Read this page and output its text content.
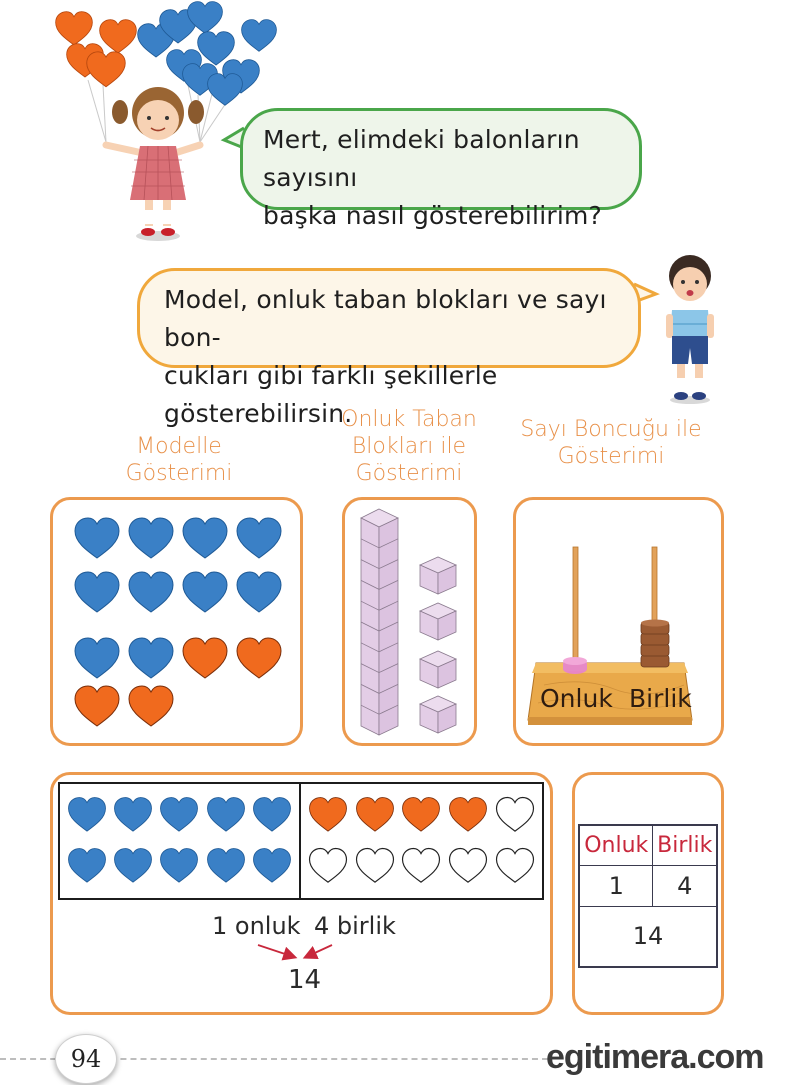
Mert, elimdeki balonların sayısını
başka nasıl gösterebilirim?
Model, onluk taban blokları ve sayı bon-
cukları gibi farklı şekillerle gösterebilirsin.
Modelle
Gösterimi
Onluk Taban
Blokları ile
Gösterimi
Sayı Boncuğu ile
Gösterimi
Onluk Birlik
1 onluk 4 birlik
14
Onluk	Birlik
1	4
14	
94	egitimera.com
